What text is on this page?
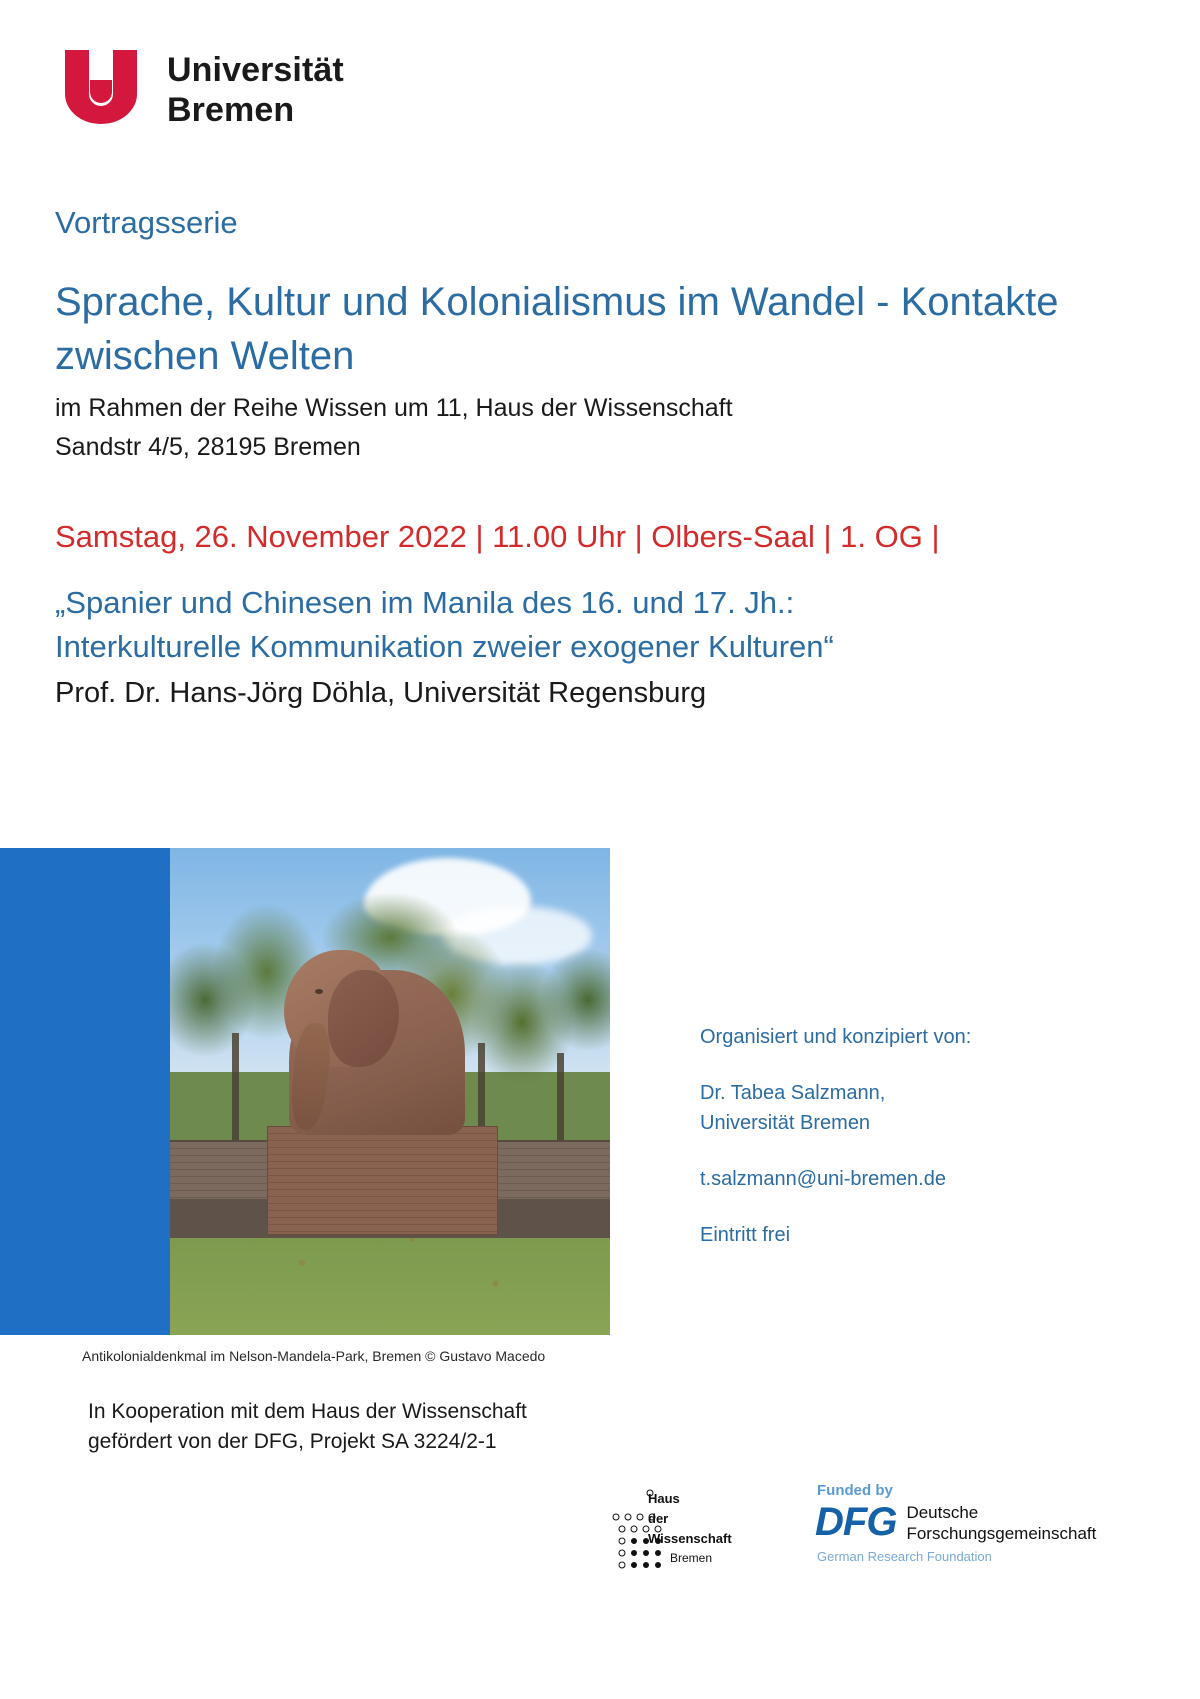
Universität
Bremen

Vortragsserie

Sprache, Kultur und Kolonialismus im Wandel - Kontakte zwischen Welten

im Rahmen der Reihe Wissen um 11, Haus der Wissenschaft
Sandstr 4/5, 28195 Bremen

Samstag, 26. November 2022 | 11.00 Uhr | Olbers-Saal | 1. OG |

„Spanier und Chinesen im Manila des 16. und 17. Jh.:
Interkulturelle Kommunikation zweier exogener Kulturen“

Prof. Dr. Hans-Jörg Döhla, Universität Regensburg

Antikolonialdenkmal im Nelson-Mandela-Park, Bremen © Gustavo Macedo
Organisiert und konzipiert von:
Dr. Tabea Salzmann,
Universität Bremen
t.salzmann@uni-bremen.de
Eintritt frei
In Kooperation mit dem Haus der Wissenschaft
gefördert von der DFG, Projekt SA 3224/2-1
Haus
der
Wissenschaft
Bremen
Funded by
DFG Deutsche
Forschungsgemeinschaft
German Research Foundation
